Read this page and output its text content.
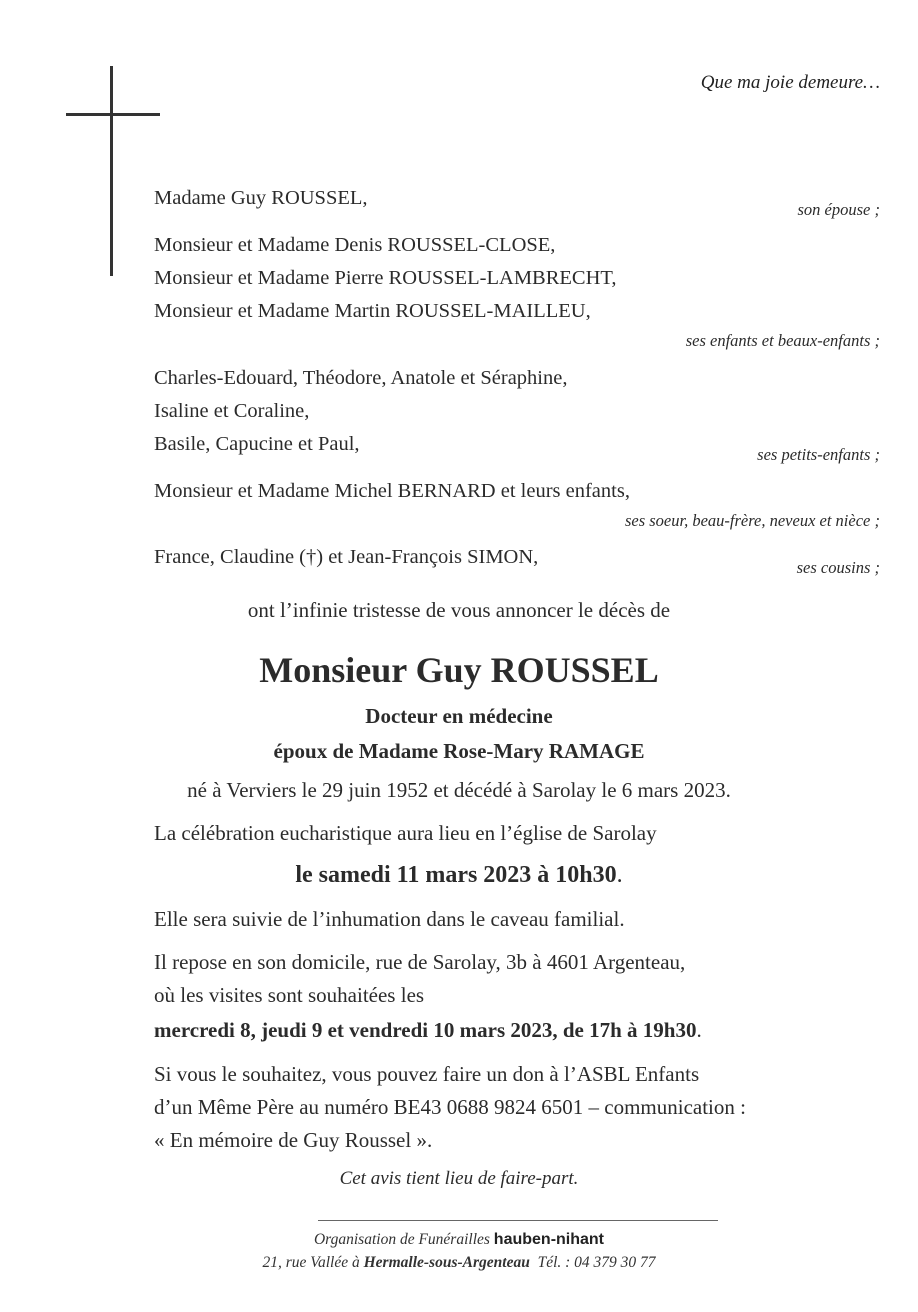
Que ma joie demeure…
Madame Guy ROUSSEL,
son épouse ;
Monsieur et Madame Denis ROUSSEL-CLOSE,
Monsieur et Madame Pierre ROUSSEL-LAMBRECHT,
Monsieur et Madame Martin ROUSSEL-MAILLEU,
ses enfants et beaux-enfants ;
Charles-Edouard, Théodore, Anatole et Séraphine,
Isaline et Coraline,
Basile, Capucine et Paul,	ses petits-enfants ;
Monsieur et Madame Michel BERNARD et leurs enfants,
ses soeur, beau-frère, neveux et nièce ;
France, Claudine (†) et Jean-François SIMON,	ses cousins ;
ont l’infinie tristesse de vous annoncer le décès de
Monsieur Guy ROUSSEL
Docteur en médecine
époux de Madame Rose-Mary RAMAGE
né à Verviers le 29 juin 1952 et décédé à Sarolay le 6 mars 2023.
La célébration eucharistique aura lieu en l’église de Sarolay
le samedi 11 mars 2023 à 10h30.
Elle sera suivie de l’inhumation dans le caveau familial.
Il repose en son domicile, rue de Sarolay, 3b à 4601 Argenteau,
où les visites sont souhaitées les
mercredi 8, jeudi 9 et vendredi 10 mars 2023, de 17h à 19h30.
Si vous le souhaitez, vous pouvez faire un don à l’ASBL Enfants
d’un Même Père au numéro BE43 0688 9824 6501 – communication :
« En mémoire de Guy Roussel ».
Cet avis tient lieu de faire-part.
Organisation de Funérailles hauben-nihant
21, rue Vallée à Hermalle-sous-Argenteau Tél. : 04 379 30 77
